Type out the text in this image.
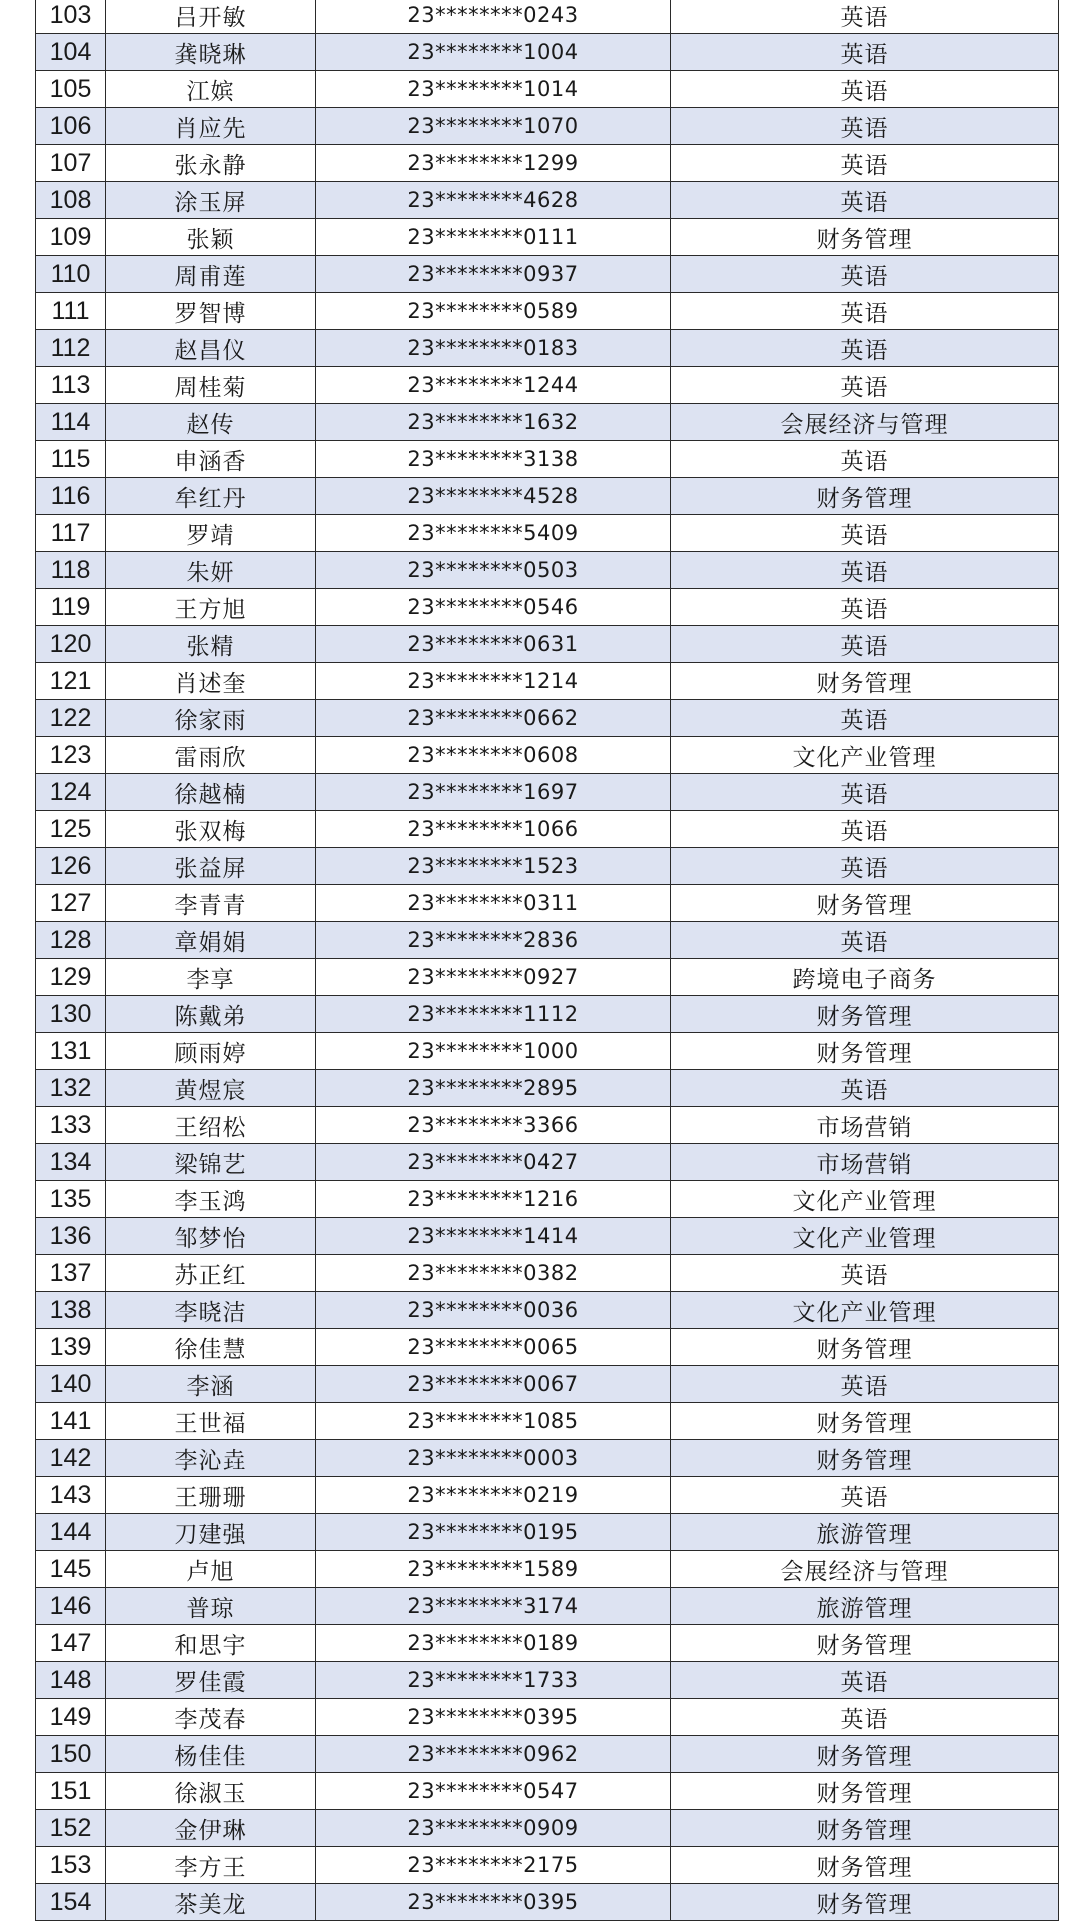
103	吕开敏	23********0243	英语
104	龚晓琳	23********1004	英语
105	江嫔	23********1014	英语
106	肖应先	23********1070	英语
107	张永静	23********1299	英语
108	涂玉屏	23********4628	英语
109	张颖	23********0111	财务管理
110	周甫莲	23********0937	英语
111	罗智博	23********0589	英语
112	赵昌仪	23********0183	英语
113	周桂菊	23********1244	英语
114	赵传	23********1632	会展经济与管理
115	申涵香	23********3138	英语
116	牟红丹	23********4528	财务管理
117	罗靖	23********5409	英语
118	朱妍	23********0503	英语
119	王方旭	23********0546	英语
120	张精	23********0631	英语
121	肖述奎	23********1214	财务管理
122	徐家雨	23********0662	英语
123	雷雨欣	23********0608	文化产业管理
124	徐越楠	23********1697	英语
125	张双梅	23********1066	英语
126	张益屏	23********1523	英语
127	李青青	23********0311	财务管理
128	章娟娟	23********2836	英语
129	李享	23********0927	跨境电子商务
130	陈戴弟	23********1112	财务管理
131	顾雨婷	23********1000	财务管理
132	黄煜宸	23********2895	英语
133	王绍松	23********3366	市场营销
134	梁锦艺	23********0427	市场营销
135	李玉鸿	23********1216	文化产业管理
136	邹梦怡	23********1414	文化产业管理
137	苏正红	23********0382	英语
138	李晓洁	23********0036	文化产业管理
139	徐佳慧	23********0065	财务管理
140	李涵	23********0067	英语
141	王世福	23********1085	财务管理
142	李沁垚	23********0003	财务管理
143	王珊珊	23********0219	英语
144	刀建强	23********0195	旅游管理
145	卢旭	23********1589	会展经济与管理
146	普琼	23********3174	旅游管理
147	和思宇	23********0189	财务管理
148	罗佳霞	23********1733	英语
149	李茂春	23********0395	英语
150	杨佳佳	23********0962	财务管理
151	徐淑玉	23********0547	财务管理
152	金伊琳	23********0909	财务管理
153	李方王	23********2175	财务管理
154	茶美龙	23********0395	财务管理
